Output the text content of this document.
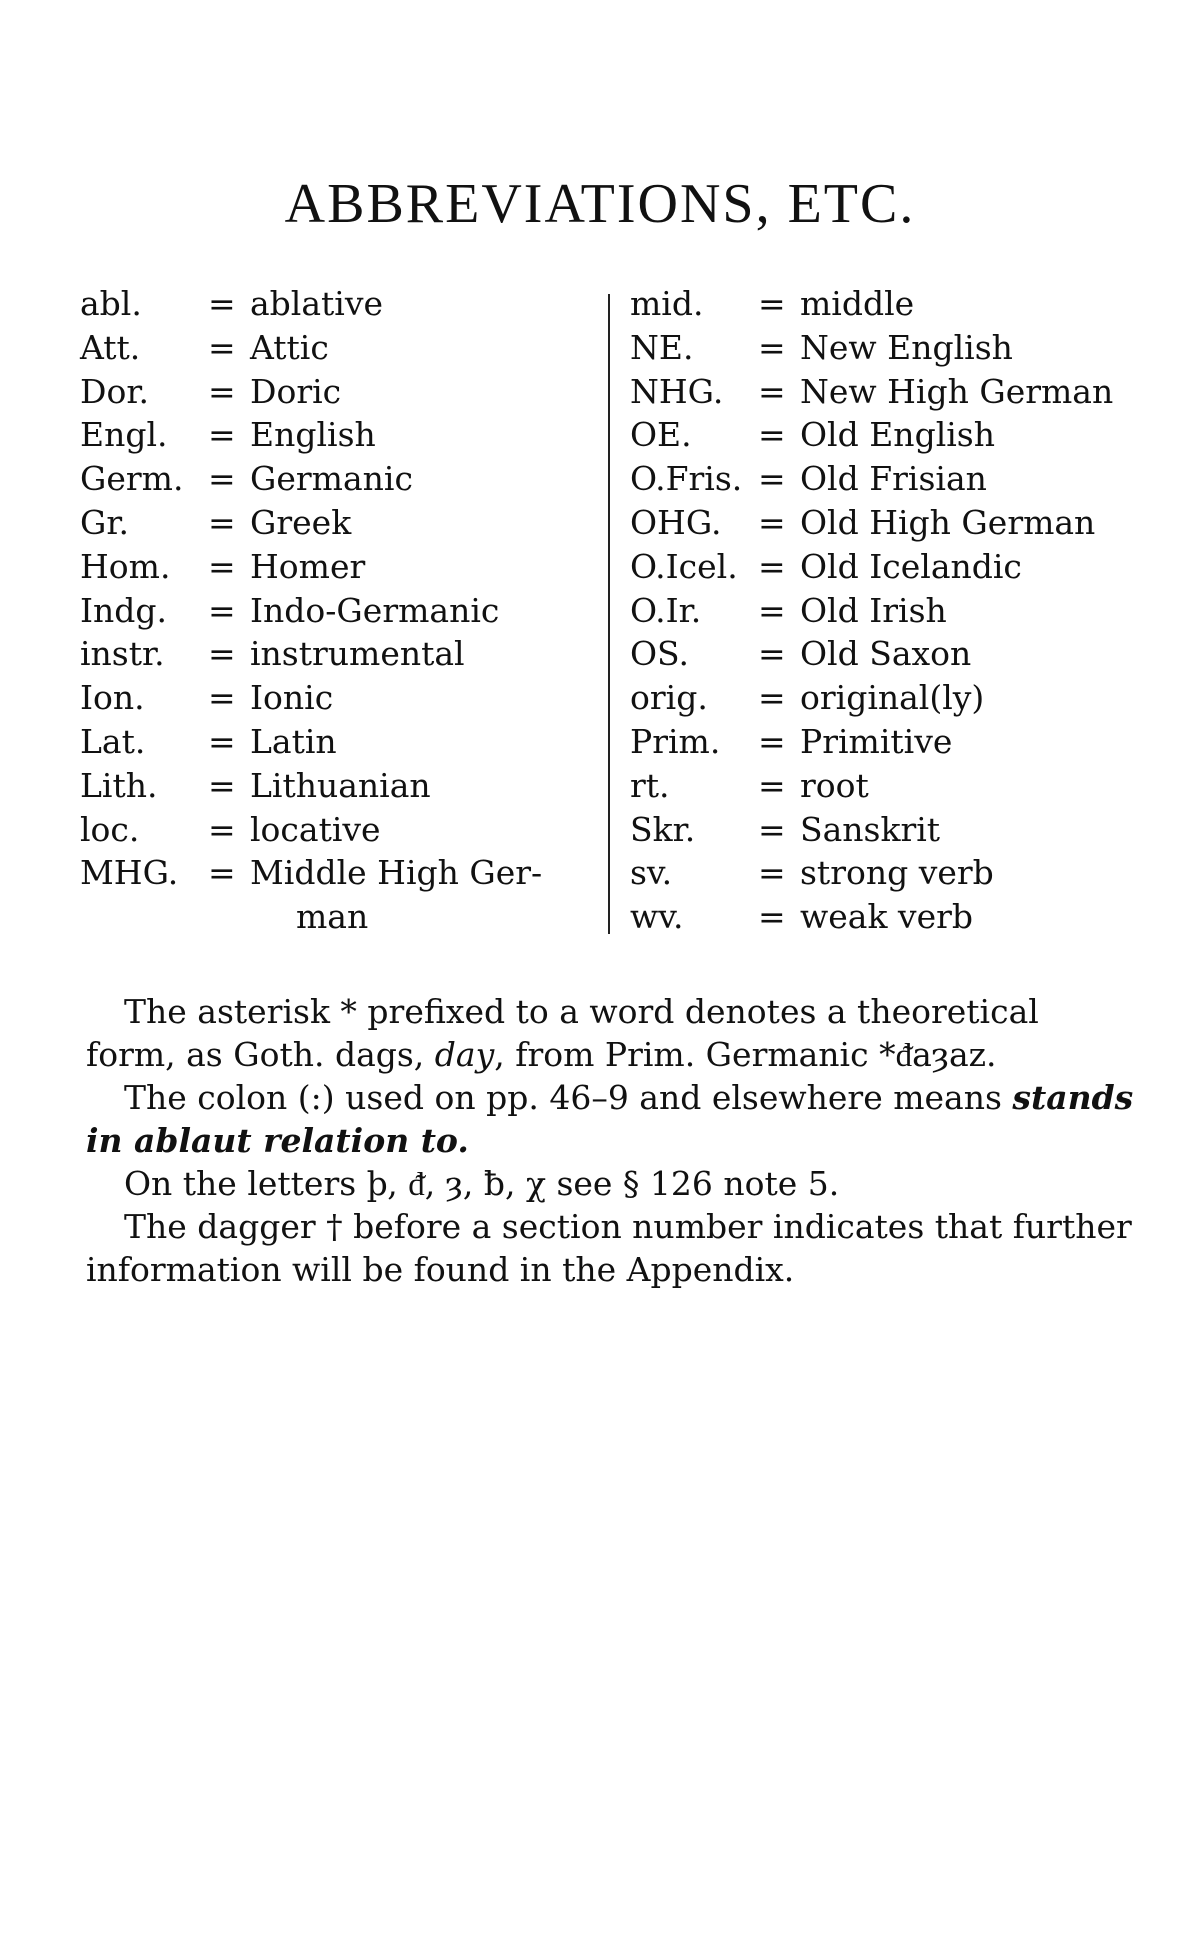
ABBREVIATIONS, ETC.
abl. = ablative
Att. = Attic
Dor. = Doric
Engl. = English
Germ. = Germanic
Gr. = Greek
Hom. = Homer
Indg. = Indo-Germanic
instr. = instrumental
Ion. = Ionic
Lat. = Latin
Lith. = Lithuanian
loc. = locative
MHG. = Middle High Ger-
man
mid. = middle
NE. = New English
NHG. = New High German
OE. = Old English
O.Fris. = Old Frisian
OHG. = Old High German
O.Icel. = Old Icelandic
O.Ir. = Old Irish
OS. = Old Saxon
orig. = original(ly)
Prim. = Primitive
rt.	= root
Skr. = Sanskrit
sv.	= strong verb
wv. = weak verb

The asterisk * prefixed to a word denotes a theoretical form, as Goth. dags, day, from Prim. Germanic *ᵭaȝaz.

The colon (:) used on pp. 46–9 and elsewhere means stands in ablaut relation to.

On the letters þ, ᵭ, ȝ, ƀ, χ see § 126 note 5.

The dagger † before a section number indicates that further information will be found in the Appendix.
